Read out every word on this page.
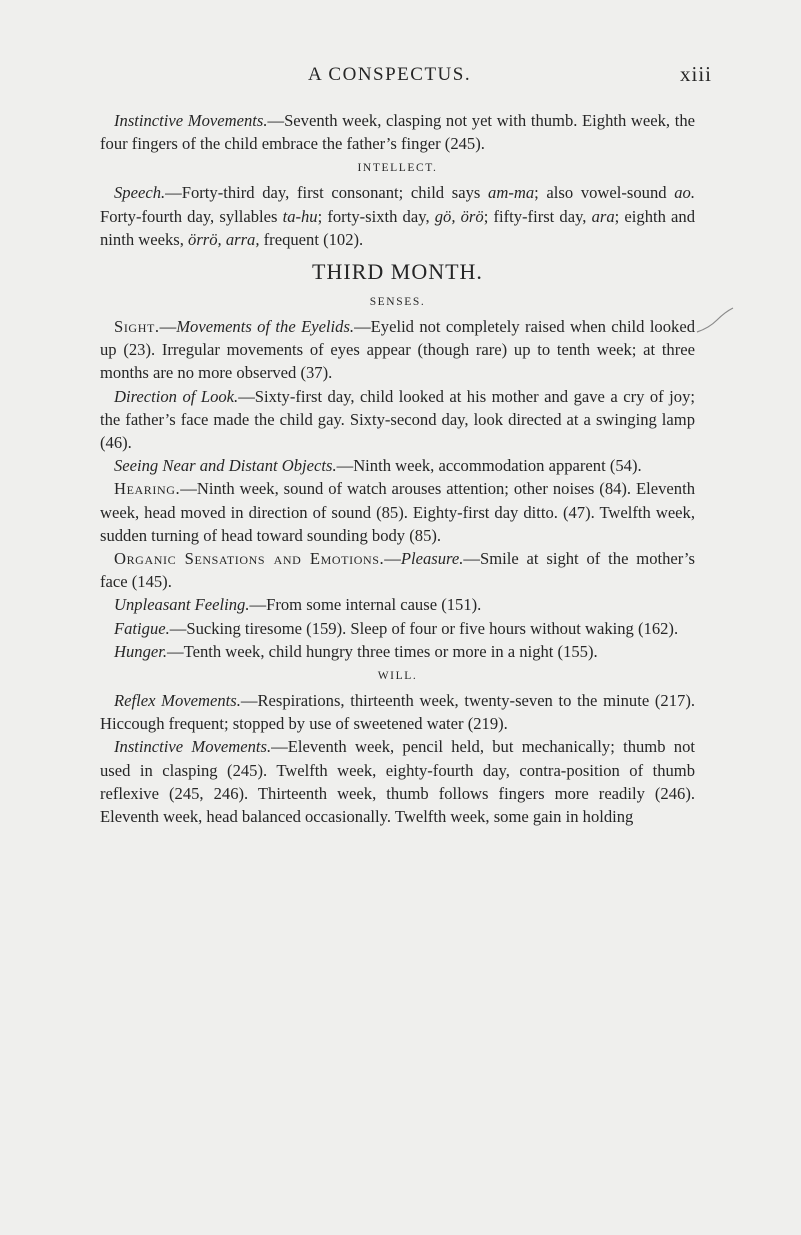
A CONSPECTUS.	xiii

Instinctive Movements.—Seventh week, clasping not yet with thumb. Eighth week, the four fingers of the child embrace the father’s finger (245).

INTELLECT.

Speech.—Forty-third day, first consonant; child says am-ma; also vowel-sound ao. Forty-fourth day, syllables ta-hu; forty-sixth day, gö, örö; fifty-first day, ara; eighth and ninth weeks, örrö, arra, frequent (102).

THIRD MONTH.
SENSES.

Sight.—Movements of the Eyelids.—Eyelid not completely raised when child looked up (23). Irregular movements of eyes appear (though rare) up to tenth week; at three months are no more observed (37).

Direction of Look.—Sixty-first day, child looked at his mother and gave a cry of joy; the father’s face made the child gay. Sixty-second day, look directed at a swinging lamp (46).

Seeing Near and Distant Objects.—Ninth week, accommodation apparent (54).

Hearing.—Ninth week, sound of watch arouses attention; other noises (84). Eleventh week, head moved in direction of sound (85). Eighty-first day ditto. (47). Twelfth week, sudden turning of head toward sounding body (85).

Organic Sensations and Emotions.—Pleasure.—Smile at sight of the mother’s face (145).

Unpleasant Feeling.—From some internal cause (151).

Fatigue.—Sucking tiresome (159). Sleep of four or five hours without waking (162).

Hunger.—Tenth week, child hungry three times or more in a night (155).

WILL.

Reflex Movements.—Respirations, thirteenth week, twenty-seven to the minute (217). Hiccough frequent; stopped by use of sweetened water (219).

Instinctive Movements.—Eleventh week, pencil held, but mechanically; thumb not used in clasping (245). Twelfth week, eighty-fourth day, contra-position of thumb reflexive (245, 246). Thirteenth week, thumb follows fingers more readily (246). Eleventh week, head balanced occasionally. Twelfth week, some gain in holding
